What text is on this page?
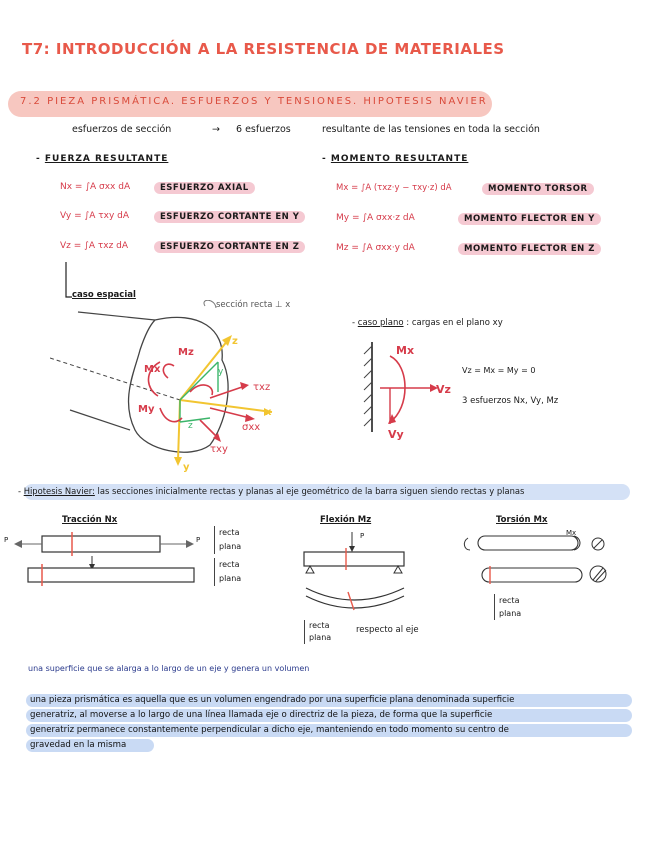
T7: INTRODUCCIÓN A LA RESISTENCIA DE MATERIALES
7.2 PIEZA PRISMÁTICA. ESFUERZOS Y TENSIONES. HIPOTESIS NAVIER
esfuerzos de sección	→ 6 esfuerzos	resultante de las tensiones en toda la sección
- FUERZA RESULTANTE
Nx = ∫A σxx dA	ESFUERZO AXIAL
Vy = ∫A τxy dA	ESFUERZO CORTANTE EN Y
Vz = ∫A τxz dA	ESFUERZO CORTANTE EN Z
- MOMENTO RESULTANTE
Mx = ∫A (τxz·y − τxy·z) dA	MOMENTO TORSOR
My = ∫A σxx·z dA	MOMENTO FLECTOR EN Y
Mz = ∫A σxx·y dA	MOMENTO FLECTOR EN Z
caso espacial
sección recta ⊥ x
Mz
Mx
My
z
x
y
τxz
σxx
τxy
y
z
- caso plano : cargas en el plano xy
Mx
Vz
Vy
Vz = Mx = My = 0
3 esfuerzos Nx, Vy, Mz
- Hipotesis Navier: las secciones inicialmente rectas y planas al eje geométrico de la barra siguen siendo rectas y planas
Tracción Nx
P	P
recta
plana
recta
plana
Flexión Mz
P
recta
plana
respecto al eje
Torsión Mx
Mx
recta
plana
una superficie que se alarga a lo largo de un eje y genera un volumen
una pieza prismática es aquella que es un volumen engendrado por una superficie plana denominada superficie
generatriz, al moverse a lo largo de una línea llamada eje o directriz de la pieza, de forma que la superficie
generatriz permanece constantemente perpendicular a dicho eje, manteniendo en todo momento su centro de
gravedad en la misma
